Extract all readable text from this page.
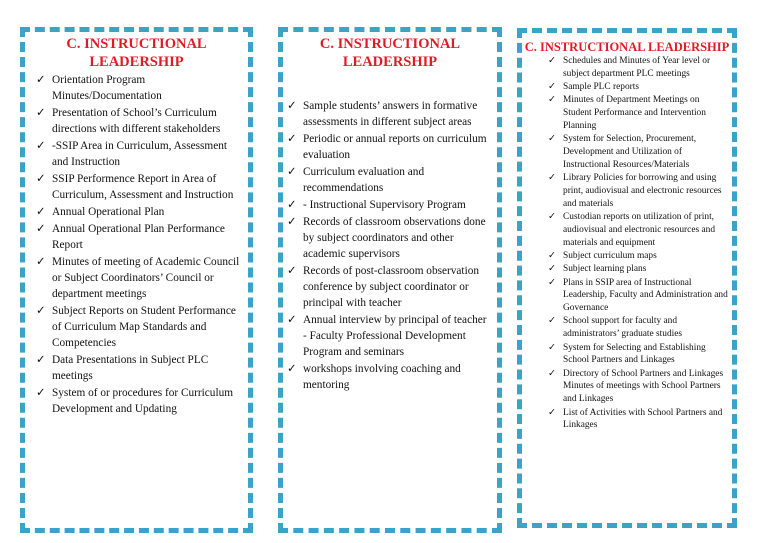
C. INSTRUCTIONAL LEADERSHIP

✓ Orientation Program Minutes/Documentation
✓ Presentation of School’s Curriculum directions with different stakeholders
✓ -SSIP Area in Curriculum, Assessment and Instruction
✓ SSIP Performence Report in Area of Curriculum, Assessment and Instruction
✓ Annual Operational Plan
✓ Annual Operational Plan Performance Report
✓ Minutes of meeting of Academic Council or Subject Coordinators’ Council or department meetings
✓ Subject Reports on Student Performance of Curriculum Map Standards and Competencies
✓ Data Presentations in Subject PLC meetings
✓ System of or procedures for Curriculum Development and Updating

C. INSTRUCTIONAL LEADERSHIP

✓ Sample students’ answers in formative assessments in different subject areas
✓ Periodic or annual reports on curriculum evaluation
✓ Curriculum evaluation and recommendations
✓ - Instructional Supervisory Program
✓ Records of classroom observations done by subject coordinators and other academic supervisors
✓ Records of post-classroom observation conference by subject coordinator or principal with teacher
✓ Annual interview by principal of teacher - Faculty Professional Development Program and seminars
✓ workshops involving coaching and mentoring

C. INSTRUCTIONAL LEADERSHIP

✓ Schedules and Minutes of Year level or subject department PLC meetings
✓ Sample PLC reports
✓ Minutes of Department Meetings on Student Performance and Intervention Planning
✓ System for Selection, Procurement, Development and Utilization of Instructional Resources/Materials
✓ Library Policies for borrowing and using print, audiovisual and electronic resources and materials
✓ Custodian reports on utilization of print, audiovisual and electronic resources and materials and equipment
✓ Subject curriculum maps
✓ Subject learning plans
✓ Plans in SSIP area of Instructional Leadership, Faculty and Administration and Governance
✓ School support for faculty and administrators’ graduate studies
✓ System for Selecting and Establishing School Partners and Linkages
✓ Directory of School Partners and Linkages Minutes of meetings with School Partners and Linkages
✓ List of Activities with School Partners and Linkages
